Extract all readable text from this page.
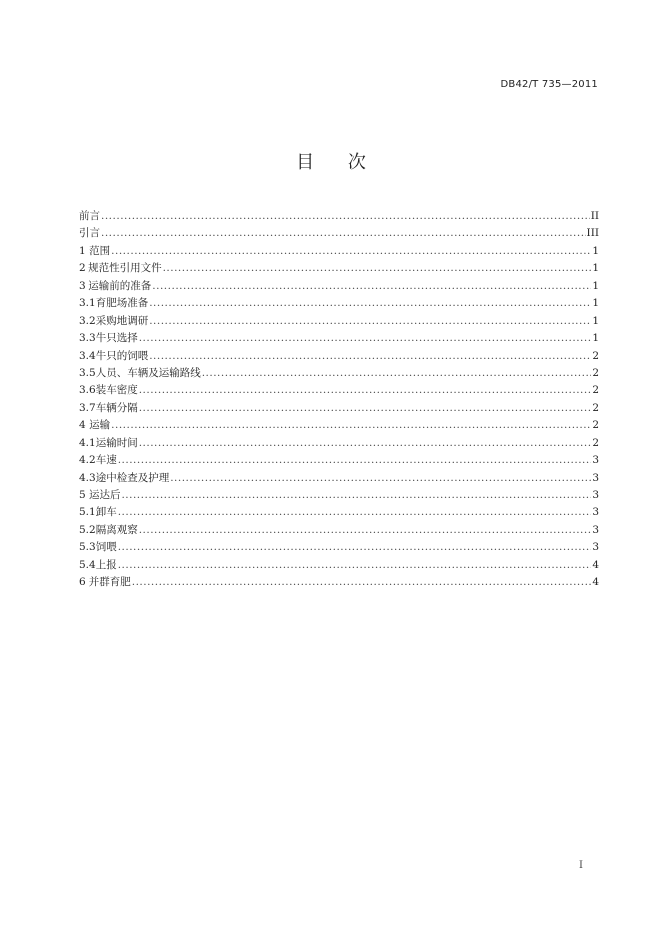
DB42/T 735—2011
目 次
前言 .....	II
引言 .....	III
1 范围 .....	1
2 规范性引用文件 .....	1
3 运输前的准备 .....	1
3.1 育肥场准备 .....	1
3.2 采购地调研 .....	1
3.3 牛只选择 .....	1
3.4 牛只的饲喂 .....	2
3.5 人员、车辆及运输路线 .....	2
3.6 装车密度 .....	2
3.7 车辆分隔 .....	2
4 运输 .....	2
4.1 运输时间 .....	2
4.2 车速 .....	3
4.3 途中检查及护理 .....	3
5 运达后 .....	3
5.1 卸车 .....	3
5.2 隔离观察 .....	3
5.3 饲喂 .....	3
5.4 上报 .....	4
6 并群育肥 .....	4
I
